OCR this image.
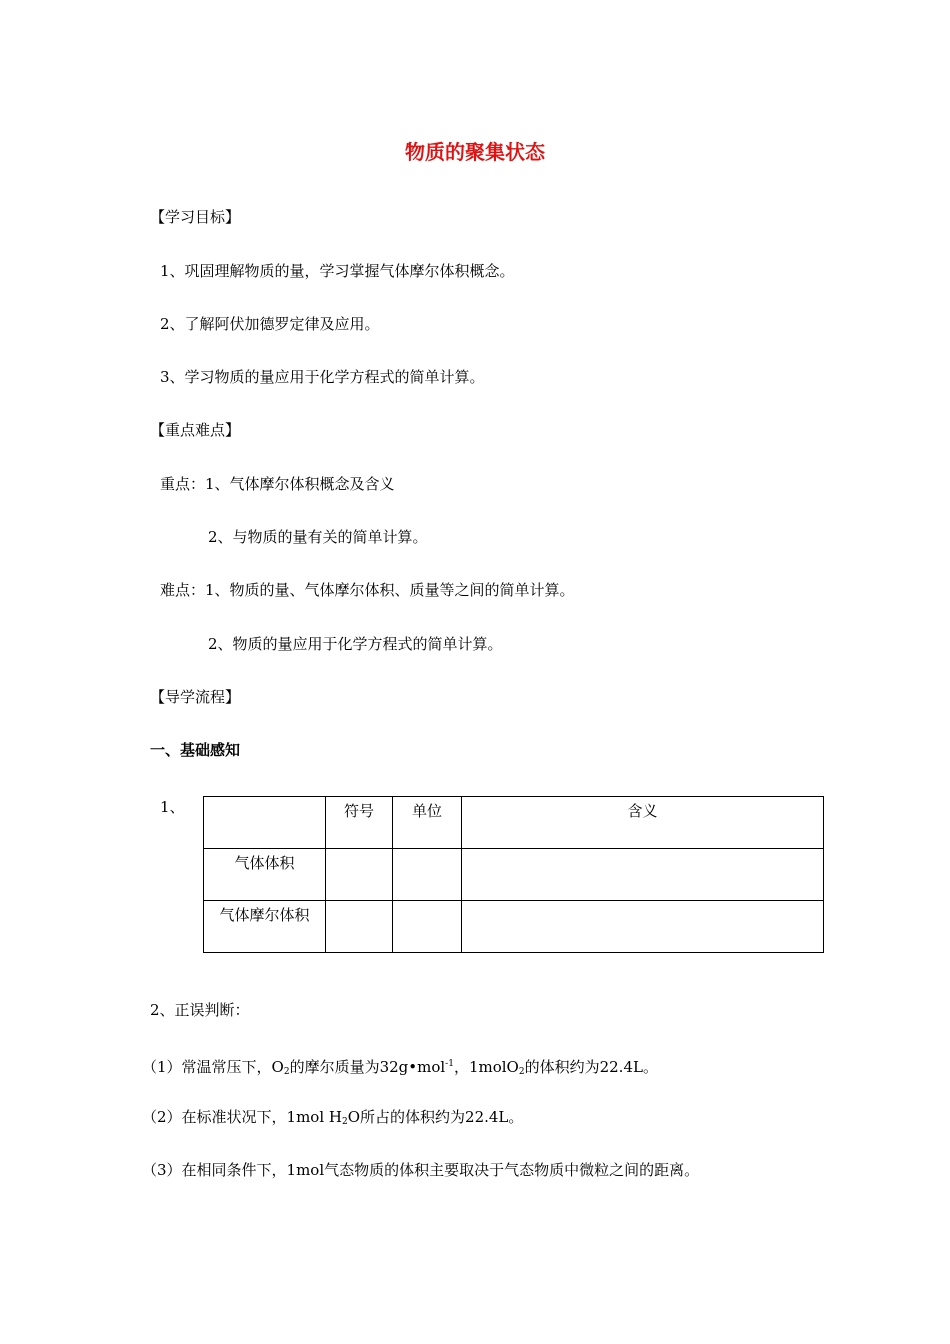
物质的聚集状态
【学习目标】
1、巩固理解物质的量，学习掌握气体摩尔体积概念。
2、了解阿伏加德罗定律及应用。
3、学习物质的量应用于化学方程式的简单计算。
【重点难点】
重点：1、气体摩尔体积概念及含义
2、与物质的量有关的简单计算。
难点：1、物质的量、气体摩尔体积、质量等之间的简单计算。
2、物质的量应用于化学方程式的简单计算。
【导学流程】
一、基础感知
1、
		符号	单位	含义
气体体积			
气体摩尔体积			
2、正误判断：
（1）常温常压下，$O_2$的摩尔质量为32g•mol$^{-1}$，1molO$_2$的体积约为22.4L。
（2）在标准状况下，1mol $H_2O$所占的体积约为22.4L。
（3）在相同条件下，1mol气态物质的体积主要取决于气态物质中微粒之间的距离。
